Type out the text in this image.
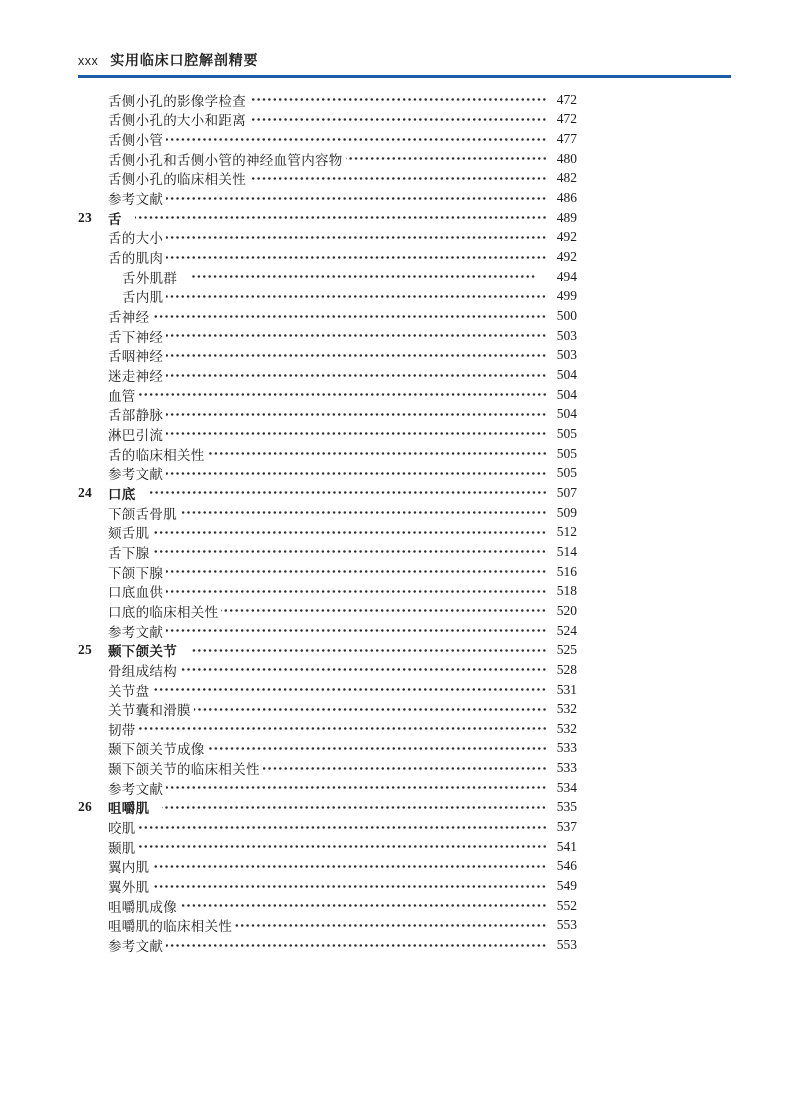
xxx 实用临床口腔解剖精要
舌侧小孔的影像学检查	472
舌侧小孔的大小和距离	472
舌侧小管	477
舌侧小孔和舌侧小管的神经血管内容物	480
舌侧小孔的临床相关性	482
参考文献	486
23	舌	489
舌的大小	492
舌的肌肉	492
舌外肌群	494
舌内肌	499
舌神经	500
舌下神经	503
舌咽神经	503
迷走神经	504
血管	504
舌部静脉	504
淋巴引流	505
舌的临床相关性	505
参考文献	505
24	口底	507
下颌舌骨肌	509
颏舌肌	512
舌下腺	514
下颌下腺	516
口底血供	518
口底的临床相关性	520
参考文献	524
25	颞下颌关节	525
骨组成结构	528
关节盘	531
关节囊和滑膜	532
韧带	532
颞下颌关节成像	533
颞下颌关节的临床相关性	533
参考文献	534
26	咀嚼肌	535
咬肌	537
颞肌	541
翼内肌	546
翼外肌	549
咀嚼肌成像	552
咀嚼肌的临床相关性	553
参考文献	553
